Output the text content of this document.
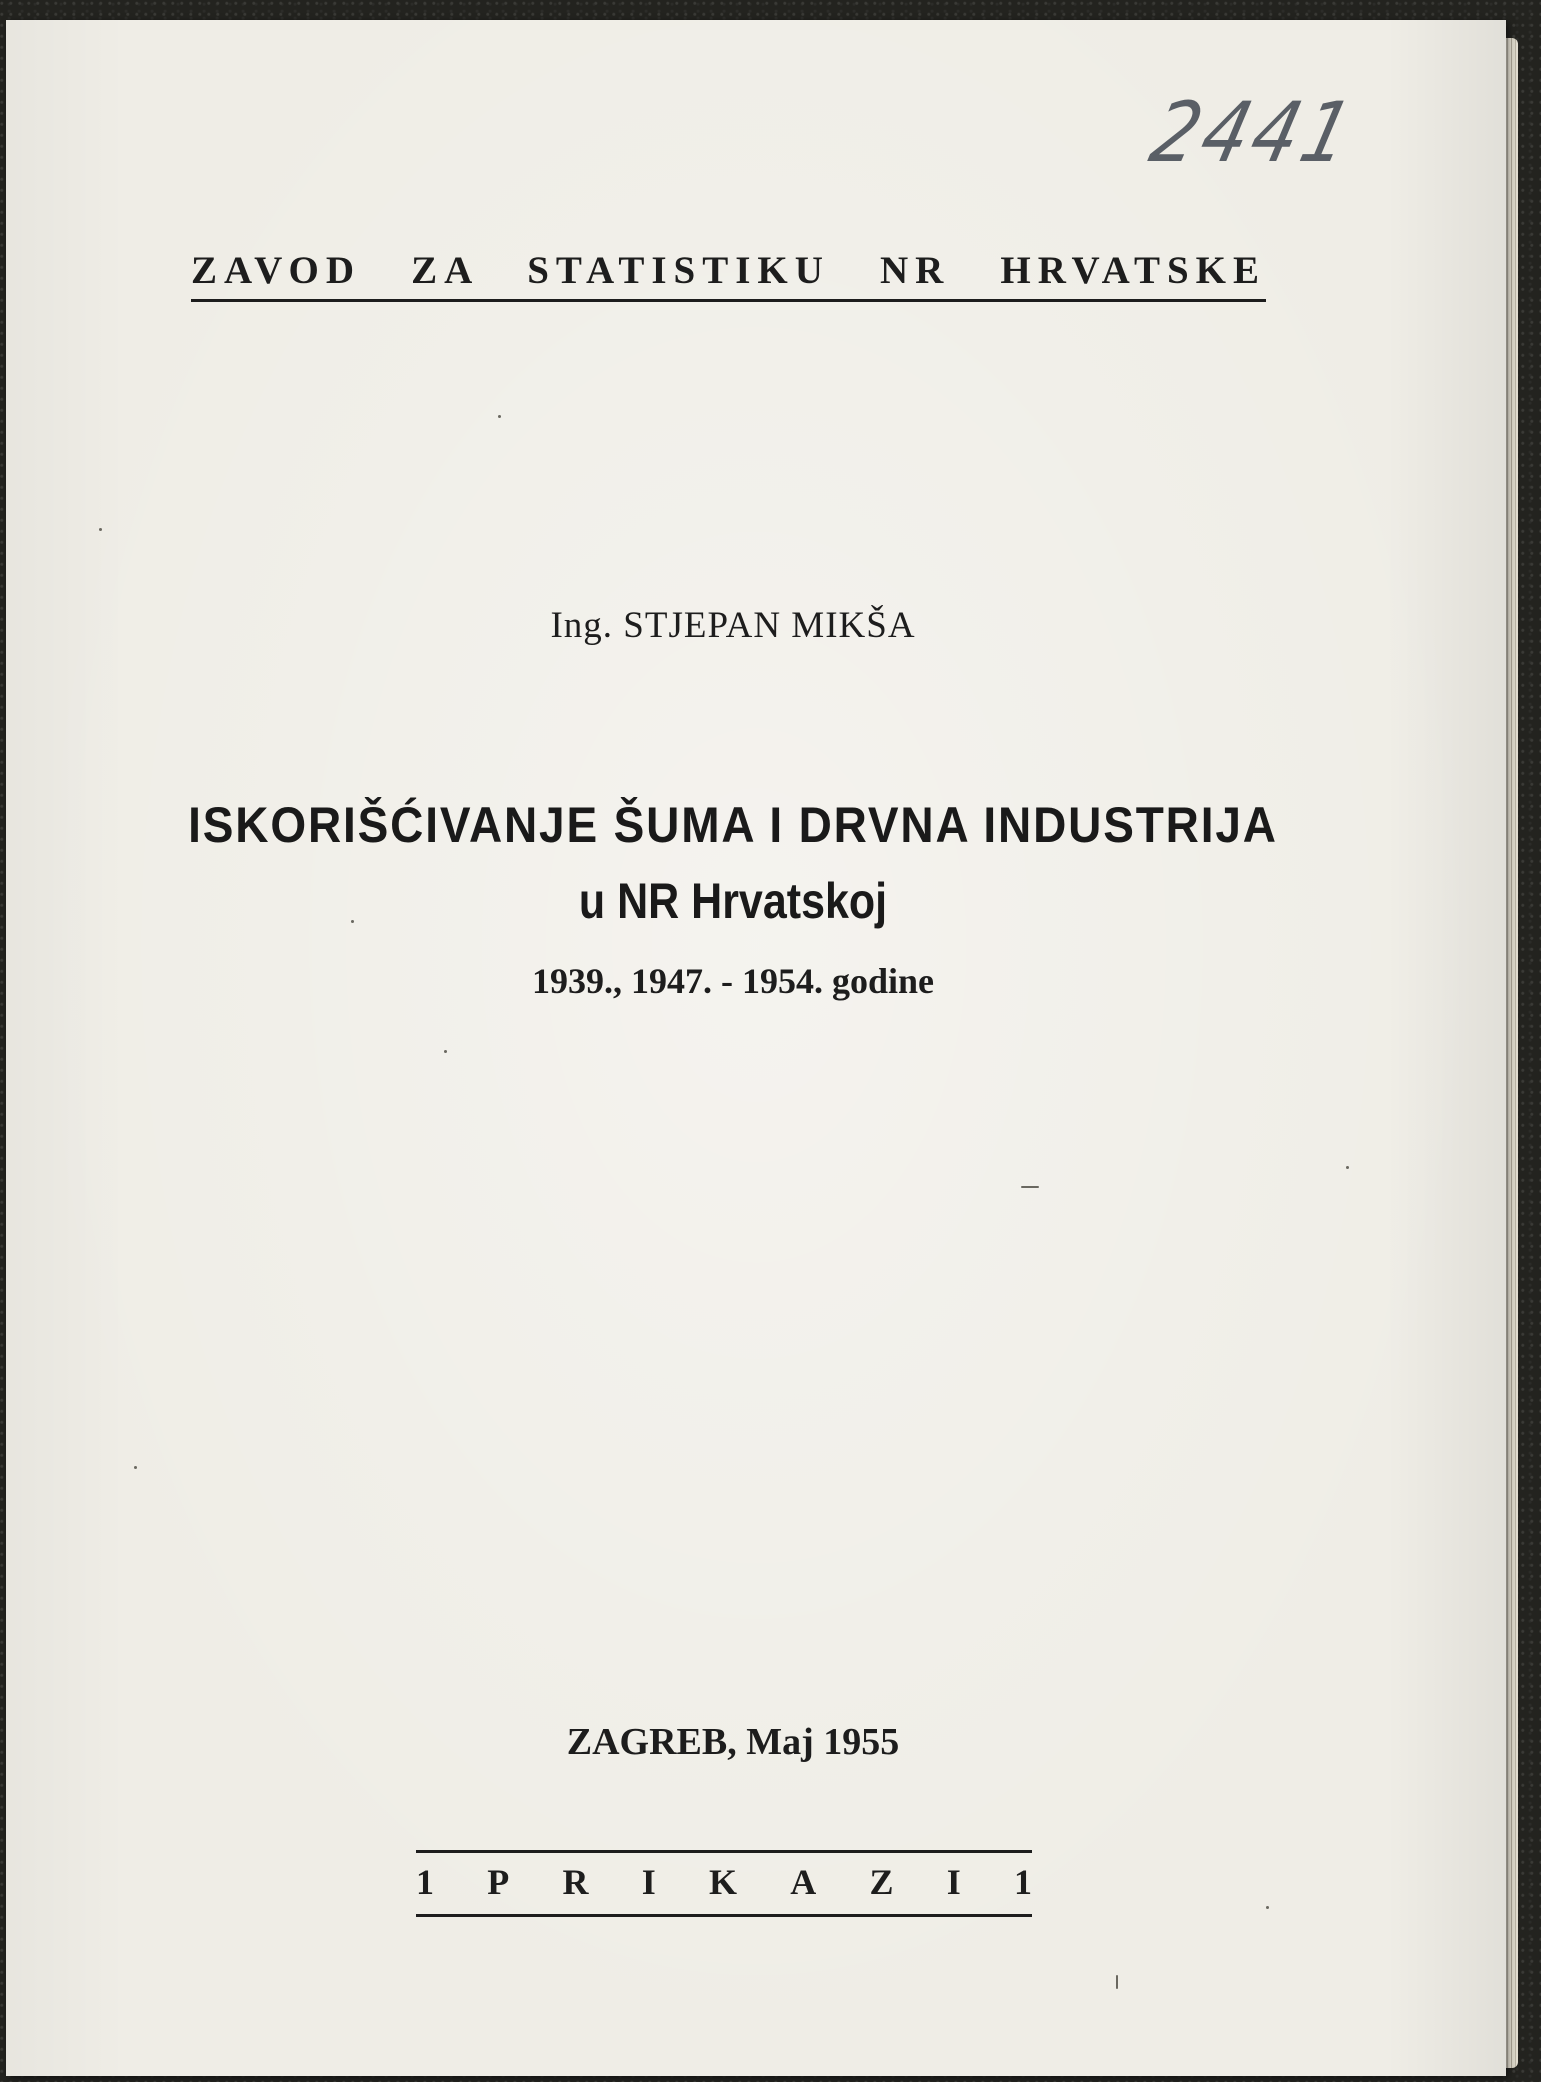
2441
ZAVOD ZA STATISTIKU NR HRVATSKE
Ing. STJEPAN MIKŠA
ISKORIŠĆIVANJE ŠUMA I DRVNA INDUSTRIJA
u NR Hrvatskoj
1939., 1947. - 1954. godine
ZAGREB, Maj 1955
1 P R I K A Z I 1
